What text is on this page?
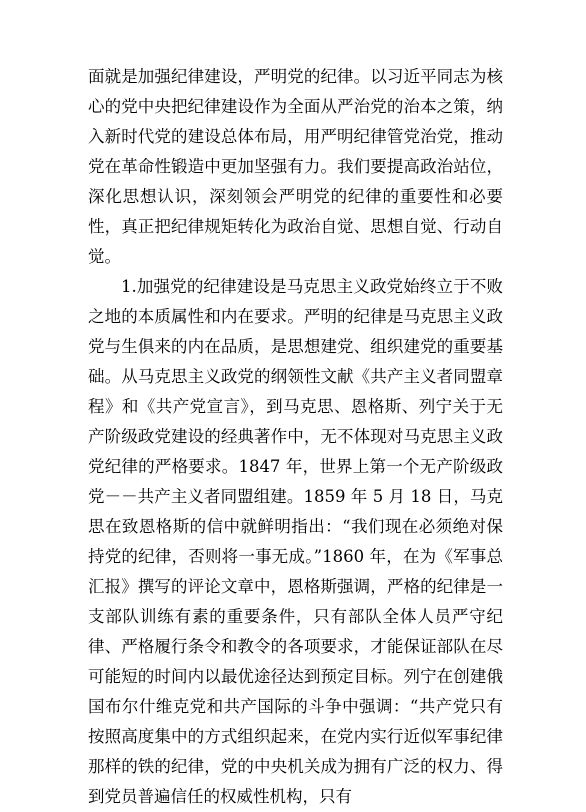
面就是加强纪律建设，严明党的纪律。以习近平同志为核心的党中央把纪律建设作为全面从严治党的治本之策，纳入新时代党的建设总体布局，用严明纪律管党治党，推动党在革命性锻造中更加坚强有力。我们要提高政治站位，深化思想认识，深刻领会严明党的纪律的重要性和必要性，真正把纪律规矩转化为政治自觉、思想自觉、行动自觉。

1.加强党的纪律建设是马克思主义政党始终立于不败之地的本质属性和内在要求。严明的纪律是马克思主义政党与生俱来的内在品质，是思想建党、组织建党的重要基础。从马克思主义政党的纲领性文献《共产主义者同盟章程》和《共产党宣言》，到马克思、恩格斯、列宁关于无产阶级政党建设的经典著作中，无不体现对马克思主义政党纪律的严格要求。1847 年，世界上第一个无产阶级政党－－共产主义者同盟组建。1859 年 5 月 18 日，马克思在致恩格斯的信中就鲜明指出：“我们现在必须绝对保持党的纪律，否则将一事无成。”1860 年，在为《军事总汇报》撰写的评论文章中，恩格斯强调，严格的纪律是一支部队训练有素的重要条件，只有部队全体人员严守纪律、严格履行条令和教令的各项要求，才能保证部队在尽可能短的时间内以最优途径达到预定目标。列宁在创建俄国布尔什维克党和共产国际的斗争中强调：“共产党只有按照高度集中的方式组织起来，在党内实行近似军事纪律那样的铁的纪律，党的中央机关成为拥有广泛的权力、得到党员普遍信任的权威性机构，只有
